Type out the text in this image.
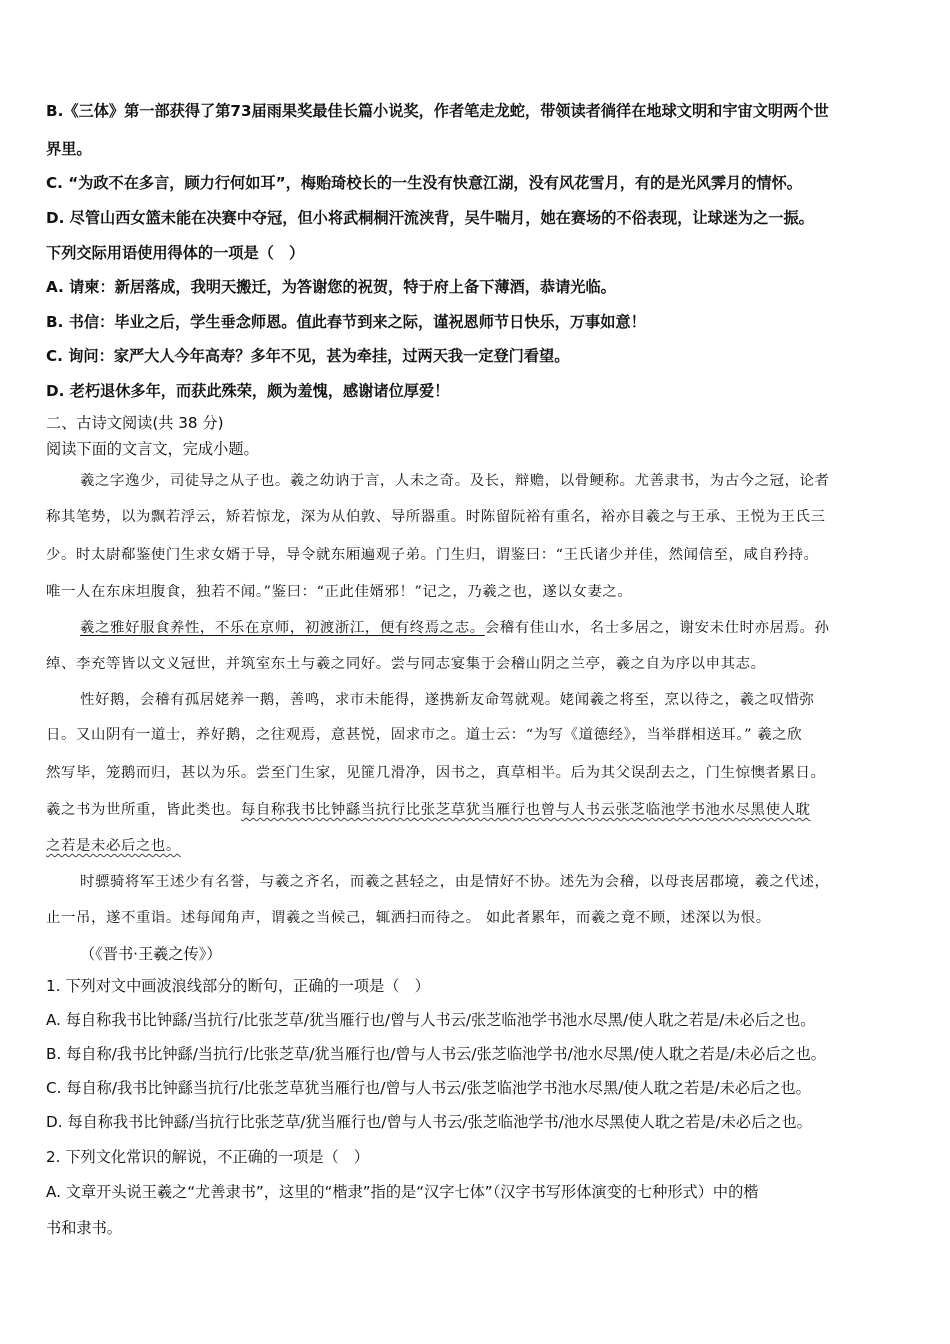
B.《三体》第一部获得了第73届雨果奖最佳长篇小说奖，作者笔走龙蛇，带领读者徜徉在地球文明和宇宙文明两个世
界里。
C. “为政不在多言，顾力行何如耳”，梅贻琦校长的一生没有快意江湖，没有风花雪月，有的是光风霁月的情怀。
D. 尽管山西女篮未能在决赛中夺冠，但小将武桐桐汗流浃背，吴牛喘月，她在赛场的不俗表现，让球迷为之一振。
下列交际用语使用得体的一项是（　）
A. 请柬：新居落成，我明天搬迁，为答谢您的祝贺，特于府上备下薄酒，恭请光临。
B. 书信：毕业之后，学生垂念师恩。值此春节到来之际，谨祝恩师节日快乐，万事如意！
C. 询问：家严大人今年高寿？多年不见，甚为牵挂，过两天我一定登门看望。
D. 老朽退休多年，而获此殊荣，颇为羞愧，感谢诸位厚爱！
二、古诗文阅读(共 38 分)
阅读下面的文言文，完成小题。
羲之字逸少，司徒导之从子也。羲之幼讷于言，人未之奇。及长，辩赡，以骨鲠称。尤善隶书，为古今之冠，论者
称其笔势，以为飘若浮云，矫若惊龙，深为从伯敦、导所器重。时陈留阮裕有重名，裕亦目羲之与王承、王悦为王氏三
少。时太尉郗鉴使门生求女婿于导，导令就东厢遍观子弟。门生归，谓鉴曰：“王氏诸少并佳，然闻信至，咸自矜持。
唯一人在东床坦腹食，独若不闻。”鉴曰：“正此佳婿邪！”记之，乃羲之也，遂以女妻之。
羲之雅好服食养性，不乐在京师，初渡浙江，便有终焉之志。会稽有佳山水，名士多居之，谢安未仕时亦居焉。孙
绰、李充等皆以文义冠世，并筑室东土与羲之同好。尝与同志宴集于会稽山阴之兰亭，羲之自为序以申其志。
性好鹅，会稽有孤居姥养一鹅，善鸣，求市未能得，遂携新友命驾就观。姥闻羲之将至，烹以待之，羲之叹惜弥
日。又山阴有一道士，养好鹅，之往观焉，意甚悦，固求市之。道士云：“为写《道德经》，当举群相送耳。” 羲之欣
然写毕，笼鹅而归，甚以为乐。尝至门生家，见篚几滑净，因书之，真草相半。后为其父误刮去之，门生惊懊者累日。
羲之书为世所重，皆此类也。每自称我书比钟繇当抗行比张芝草犹当雁行也曾与人书云张芝临池学书池水尽黑使人耽
之若是未必后之也。
时骠骑将军王述少有名誉，与羲之齐名，而羲之甚轻之，由是情好不协。述先为会稽，以母丧居郡境，羲之代述，
止一吊，遂不重诣。述每闻角声，谓羲之当候己，辄洒扫而待之。 如此者累年，而羲之竟不顾，述深以为恨。
（《晋书·王羲之传》）
1. 下列对文中画波浪线部分的断句，正确的一项是（　）
A. 每自称我书比钟繇/当抗行/比张芝草/犹当雁行也/曾与人书云/张芝临池学书池水尽黑/使人耽之若是/未必后之也。
B. 每自称/我书比钟繇/当抗行/比张芝草/犹当雁行也/曾与人书云/张芝临池学书/池水尽黑/使人耽之若是/未必后之也。
C. 每自称/我书比钟繇当抗行/比张芝草犹当雁行也/曾与人书云/张芝临池学书池水尽黑/使人耽之若是/未必后之也。
D. 每自称我书比钟繇/当抗行比张芝草/犹当雁行也/曾与人书云/张芝临池学书/池水尽黑使人耽之若是/未必后之也。
2. 下列文化常识的解说，不正确的一项是（　）
A. 文章开头说王羲之“尤善隶书”，这里的“楷隶”指的是“汉字七体”（汉字书写形体演变的七种形式）中的楷
书和隶书。
